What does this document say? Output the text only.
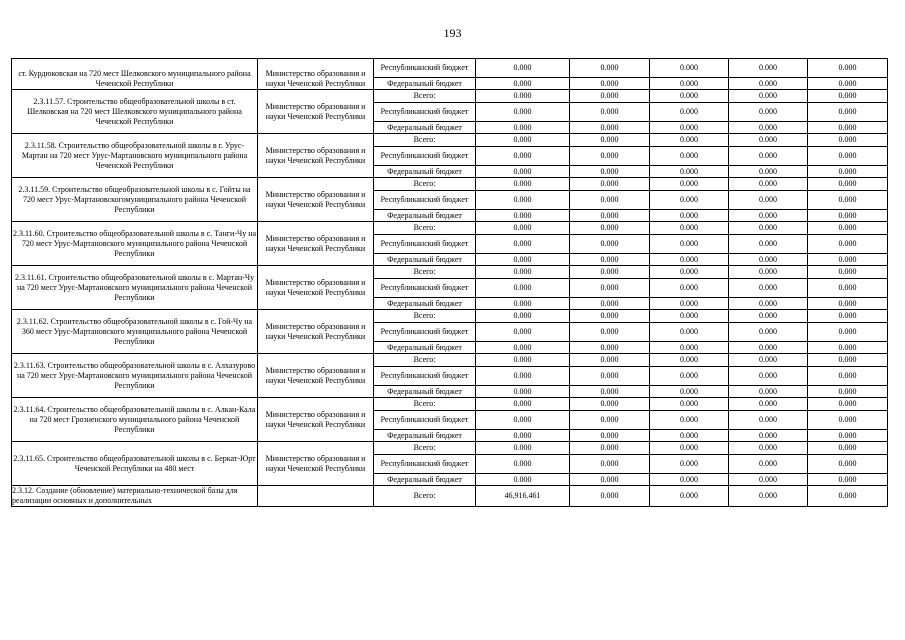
193
ст. Курдюковская на 720 мест Шелковского муниципального района Чеченской Республики	Министерство образования и науки Чеченской Республики	Республиканский бюджет	0.000	0.000	0.000	0.000	0.000
		Федеральный бюджет	0.000	0.000	0.000	0.000	0.000
2.3.11.57. Строительство общеобразовательной школы в ст. Шелковская на 720 мест Шелковского муниципального района Чеченской Республики	Министерство образования и науки Чеченской Республики	Всего:	0.000	0.000	0.000	0.000	0.000
		Республиканский бюджет	0.000	0.000	0.000	0.000	0.000
		Федеральный бюджет	0.000	0.000	0.000	0.000	0.000
2.3.11.58. Строительство общеобразовательной школы в г. Урус-Мартан на 720 мест Урус-Мартановского муниципального района Чеченской Республики	Министерство образования и науки Чеченской Республики	Всего:	0.000	0.000	0.000	0.000	0.000
		Республиканский бюджет	0.000	0.000	0.000	0.000	0.000
		Федеральный бюджет	0.000	0.000	0.000	0.000	0.000
2.3.11.59. Строительство общеобразовательной школы в с. Гойты на 720 мест Урус-Мартановскогомуниципального района Чеченской Республики	Министерство образования и науки Чеченской Республики	Всего:	0.000	0.000	0.000	0.000	0.000
		Республиканский бюджет	0.000	0.000	0.000	0.000	0.000
		Федеральный бюджет	0.000	0.000	0.000	0.000	0.000
2.3.11.60. Строительство общеобразовательной школы в с. Танги-Чу на 720 мест Урус-Мартановского муниципального района Чеченской Республики	Министерство образования и науки Чеченской Республики	Всего:	0.000	0.000	0.000	0.000	0.000
		Республиканский бюджет	0.000	0.000	0.000	0.000	0.000
		Федеральный бюджет	0.000	0.000	0.000	0.000	0.000
2.3.11.61. Строительство общеобразовательной школы в с. Мартан-Чу на 720 мест Урус-Мартановского муниципального района Чеченской Республики	Министерство образования и науки Чеченской Республики	Всего:	0.000	0.000	0.000	0.000	0.000
		Республиканский бюджет	0.000	0.000	0.000	0.000	0.000
		Федеральный бюджет	0.000	0.000	0.000	0.000	0.000
2.3.11.62. Строительство общеобразовательной школы в с. Гой-Чу на 360 мест Урус-Мартановского муниципального района Чеченской Республики	Министерство образования и науки Чеченской Республики	Всего:	0.000	0.000	0.000	0.000	0.000
		Республиканский бюджет	0.000	0.000	0.000	0.000	0.000
		Федеральный бюджет	0.000	0.000	0.000	0.000	0.000
2.3.11.63. Строительство общеобразовательной школы в с. Алхазурово на 720 мест Урус-Мартановского муниципального района Чеченской Республики	Министерство образования и науки Чеченской Республики	Всего:	0.000	0.000	0.000	0.000	0.000
		Республиканский бюджет	0.000	0.000	0.000	0.000	0.000
		Федеральный бюджет	0.000	0.000	0.000	0.000	0.000
2.3.11.64. Строительство общеобразовательной школы в с. Алкан-Кала на 720 мест Грозненского муниципального района Чеченской Республики	Министерство образования и науки Чеченской Республики	Всего:	0.000	0.000	0.000	0.000	0.000
		Республиканский бюджет	0.000	0.000	0.000	0.000	0.000
		Федеральный бюджет	0.000	0.000	0.000	0.000	0.000
2.3.11.65. Строительство общеобразовательной школы в с. Беркат-Юрт Чеченской Республики на 480 мест	Министерство образования и науки Чеченской Республики	Всего:	0.000	0.000	0.000	0.000	0.000
		Республиканский бюджет	0.000	0.000	0.000	0.000	0.000
		Федеральный бюджет	0.000	0.000	0.000	0.000	0.000
2.3.12. Создание (обновление) материально-технической базы для реализации основных и дополнительных		Всего:	46,916.461	0.000	0.000	0.000	0.000
